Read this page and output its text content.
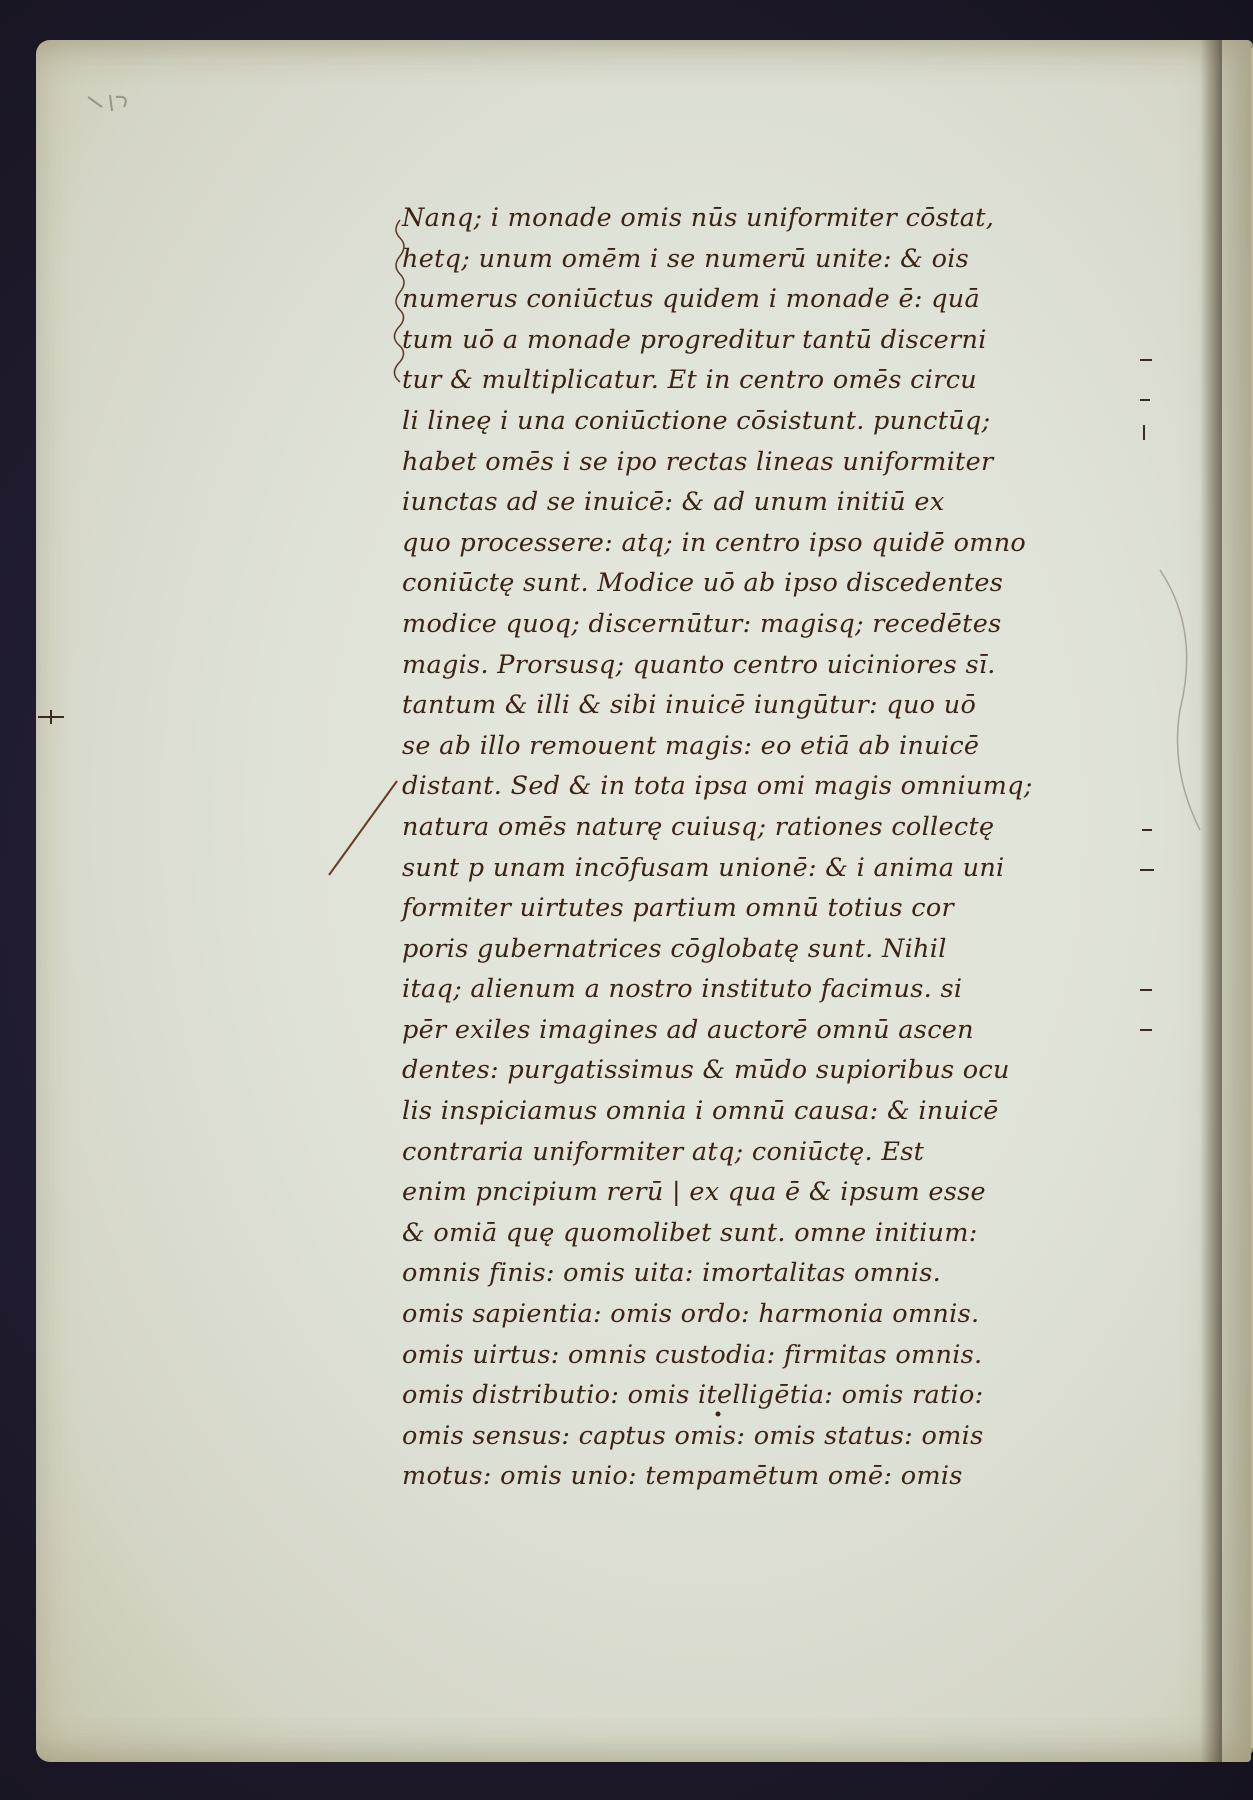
Nanq; i monade omis nūs uniformiter cōstat,
hetq; unum omēm i se numerū unite: & ois
numerus coniūctus quidem i monade ē: quā
tum uō a monade progreditur tantū discerni
tur & multiplicatur. Et in centro omēs circu
li lineę i una coniūctione cōsistunt. punctūq;
habet omēs i se ipo rectas lineas uniformiter
iunctas ad se inuicē: & ad unum initiū ex
quo processere: atq; in centro ipso quidē omno
coniūctę sunt. Modice uō ab ipso discedentes
modice quoq; discernūtur: magisq; recedētes
magis. Prorsusq; quanto centro uiciniores sī.
tantum & illi & sibi inuicē iungūtur: quo uō
se ab illo remouent magis: eo etiā ab inuicē
distant. Sed & in tota ipsa omi magis omniumq;
natura omēs naturę cuiusq; rationes collectę
sunt p unam incōfusam unionē: & i anima uni
formiter uirtutes partium omnū totius cor
poris gubernatrices cōglobatę sunt. Nihil
itaq; alienum a nostro instituto facimus. si
pēr exiles imagines ad auctorē omnū ascen
dentes: purgatissimus & mūdo supioribus ocu
lis inspiciamus omnia i omnū causa: & inuicē
contraria uniformiter atq; coniūctę. Est
enim pncipium rerū | ex qua ē & ipsum esse
& omiā quę quomolibet sunt. omne initium:
omnis finis: omis uita: imortalitas omnis.
omis sapientia: omis ordo: harmonia omnis.
omis uirtus: omnis custodia: firmitas omnis.
omis distributio: omis itelligētia: omis ratio:
omis sensus: captus omis: omis status: omis
motus: omis unio: tempamētum omē: omis
